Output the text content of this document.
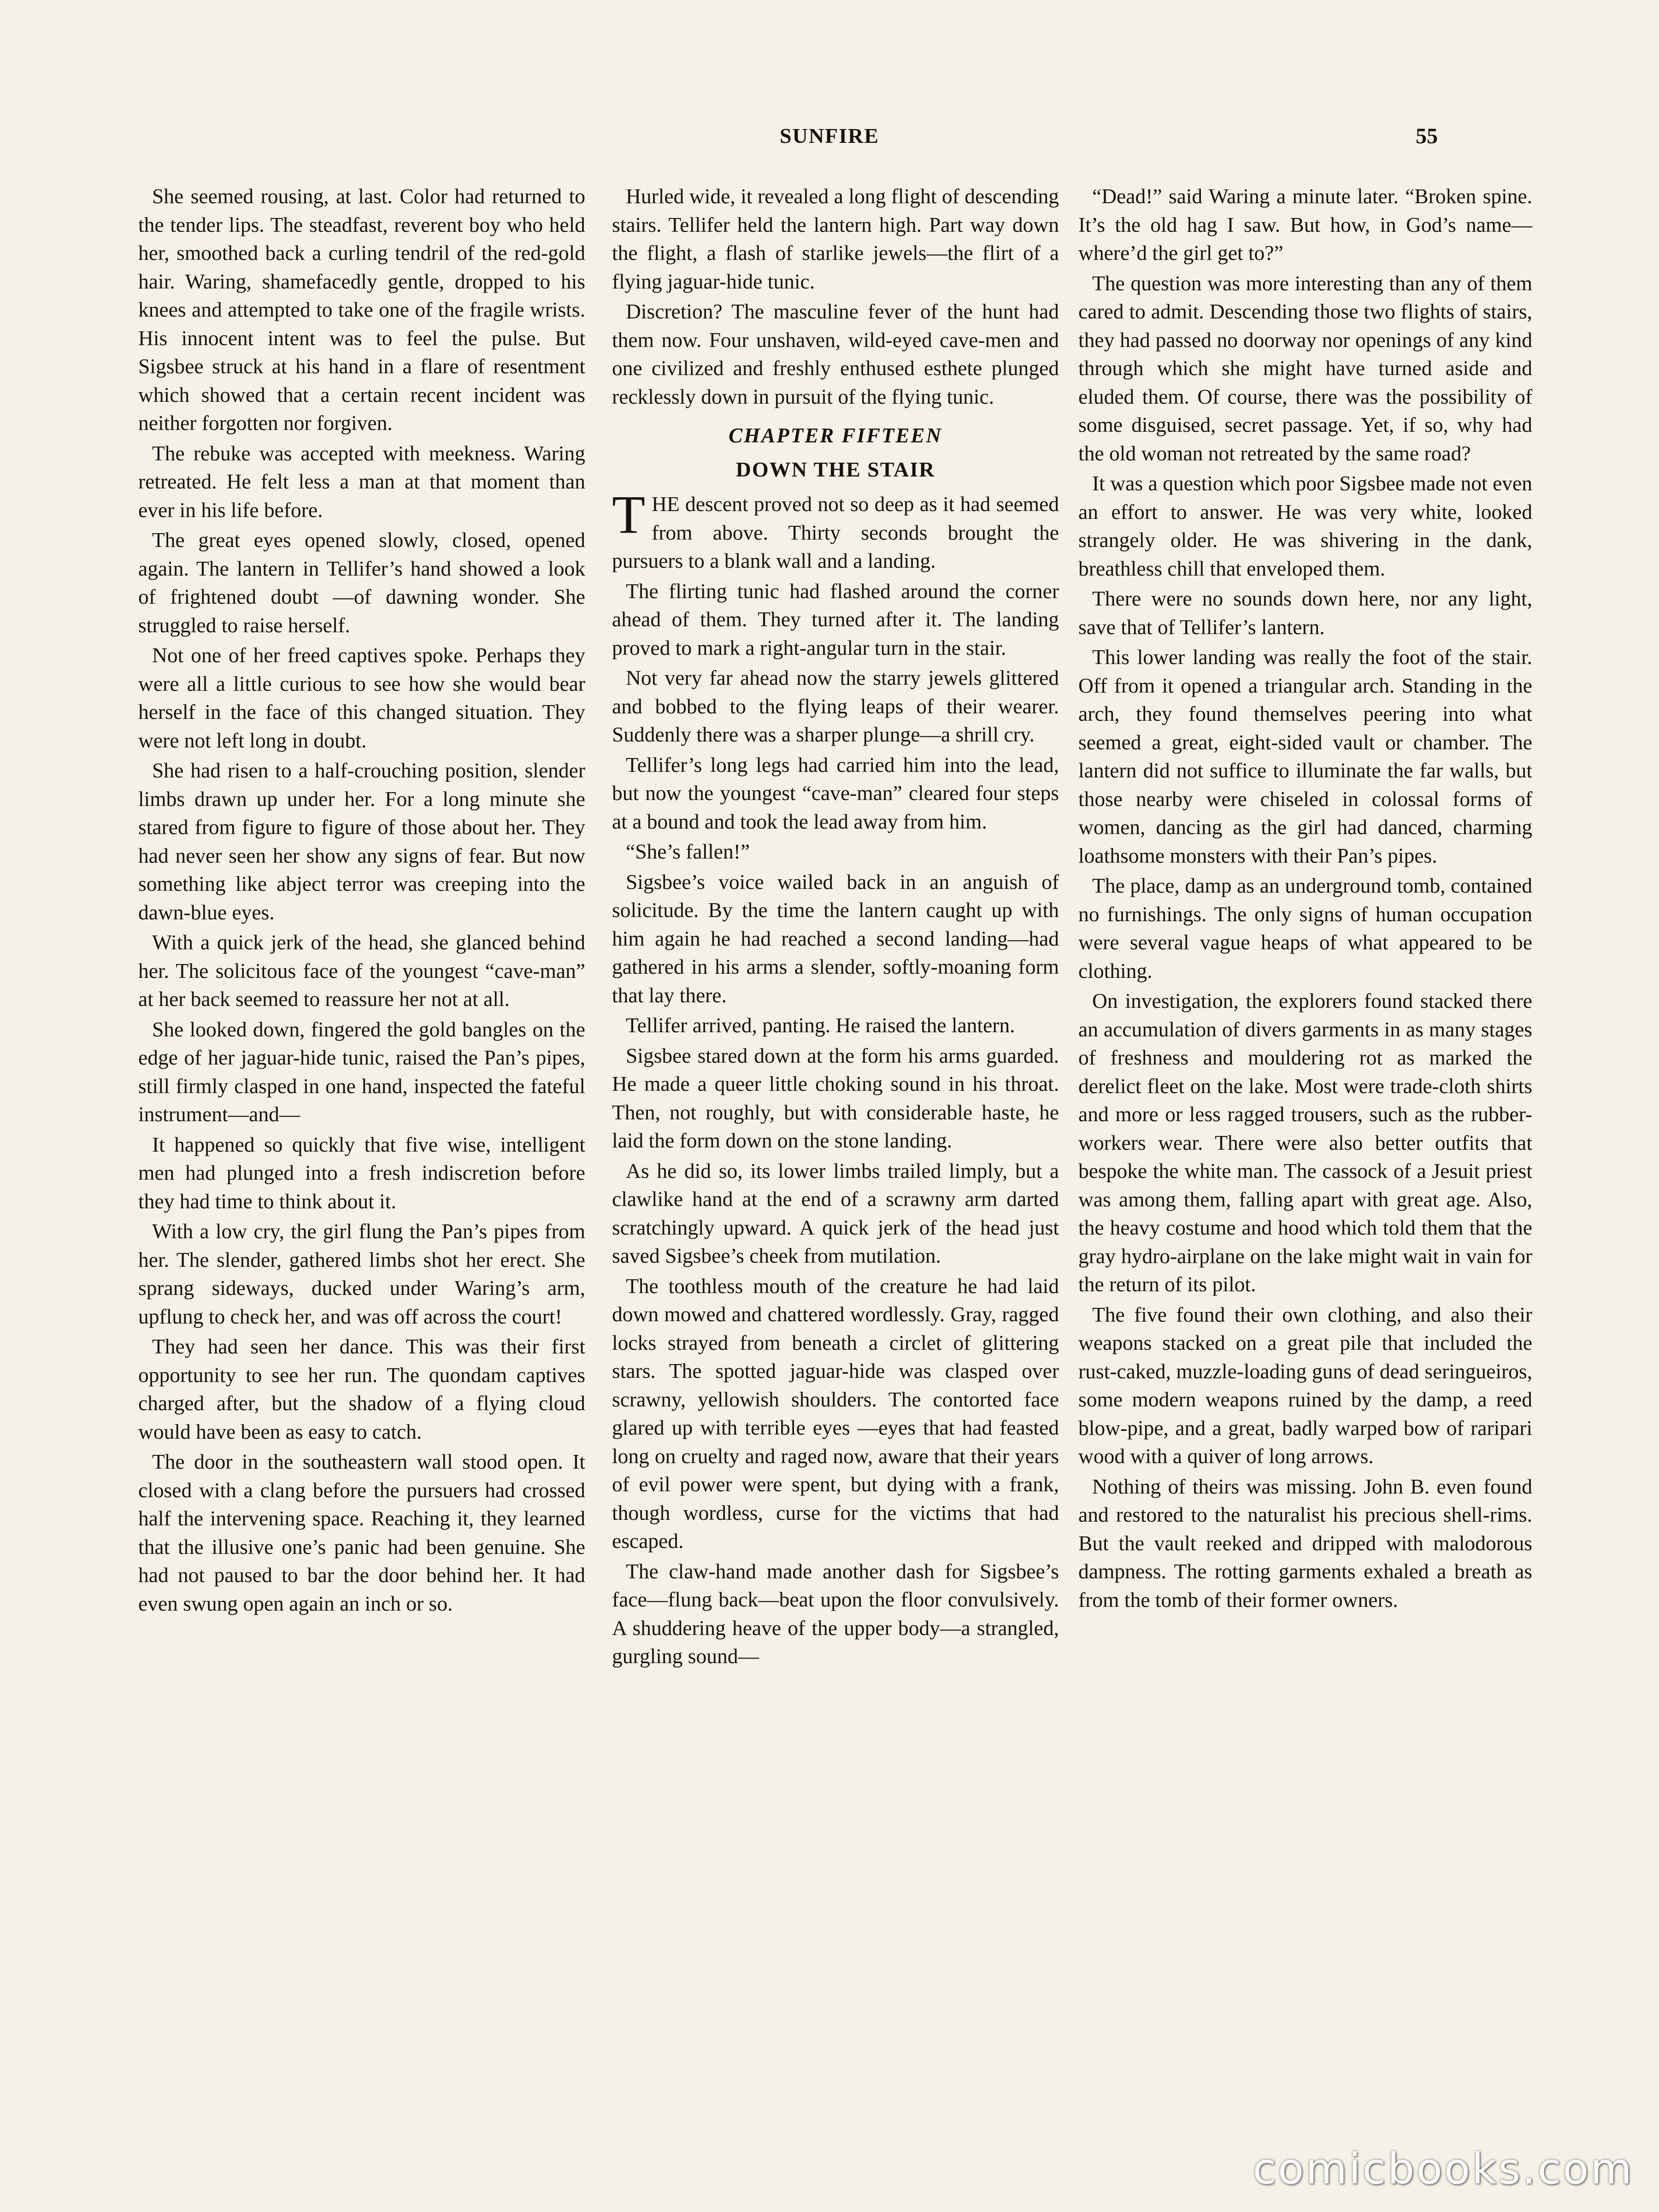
SUNFIRE	55

She seemed rousing, at last. Color had returned to the tender lips. The steadfast, reverent boy who held her, smoothed back a curling tendril of the red-gold hair. Waring, shamefacedly gentle, dropped to his knees and attempted to take one of the fragile wrists. His innocent intent was to feel the pulse. But Sigsbee struck at his hand in a flare of resentment which showed that a certain recent incident was neither forgotten nor forgiven.

The rebuke was accepted with meekness. Waring retreated. He felt less a man at that moment than ever in his life before.

The great eyes opened slowly, closed, opened again. The lantern in Tellifer’s hand showed a look of frightened doubt —of dawning wonder. She struggled to raise herself.

Not one of her freed captives spoke. Perhaps they were all a little curious to see how she would bear herself in the face of this changed situation. They were not left long in doubt.

She had risen to a half-crouching position, slender limbs drawn up under her. For a long minute she stared from figure to figure of those about her. They had never seen her show any signs of fear. But now something like abject terror was creeping into the dawn-blue eyes.

With a quick jerk of the head, she glanced behind her. The solicitous face of the youngest “cave-man” at her back seemed to reassure her not at all.

She looked down, fingered the gold bangles on the edge of her jaguar-hide tunic, raised the Pan’s pipes, still firmly clasped in one hand, inspected the fateful instrument—and—

It happened so quickly that five wise, intelligent men had plunged into a fresh indiscretion before they had time to think about it.

With a low cry, the girl flung the Pan’s pipes from her. The slender, gathered limbs shot her erect. She sprang sideways, ducked under Waring’s arm, upflung to check her, and was off across the court!

They had seen her dance. This was their first opportunity to see her run. The quondam captives charged after, but the shadow of a flying cloud would have been as easy to catch.

The door in the southeastern wall stood open. It closed with a clang before the pursuers had crossed half the intervening space. Reaching it, they learned that the illusive one’s panic had been genuine. She had not paused to bar the door behind her. It had even swung open again an inch or so.

Hurled wide, it revealed a long flight of descending stairs. Tellifer held the lantern high. Part way down the flight, a flash of starlike jewels—the flirt of a flying jaguar-hide tunic.

Discretion? The masculine fever of the hunt had them now. Four unshaven, wild-eyed cave-men and one civilized and freshly enthused esthete plunged recklessly down in pursuit of the flying tunic.

CHAPTER FIFTEEN
DOWN THE STAIR

THE descent proved not so deep as it had seemed from above. Thirty seconds brought the pursuers to a blank wall and a landing.

The flirting tunic had flashed around the corner ahead of them. They turned after it. The landing proved to mark a right-angular turn in the stair.

Not very far ahead now the starry jewels glittered and bobbed to the flying leaps of their wearer. Suddenly there was a sharper plunge—a shrill cry.

Tellifer’s long legs had carried him into the lead, but now the youngest “cave-man” cleared four steps at a bound and took the lead away from him.

“She’s fallen!”

Sigsbee’s voice wailed back in an anguish of solicitude. By the time the lantern caught up with him again he had reached a second landing—had gathered in his arms a slender, softly-moaning form that lay there.

Tellifer arrived, panting. He raised the lantern.

Sigsbee stared down at the form his arms guarded. He made a queer little choking sound in his throat. Then, not roughly, but with considerable haste, he laid the form down on the stone landing.

As he did so, its lower limbs trailed limply, but a clawlike hand at the end of a scrawny arm darted scratchingly upward. A quick jerk of the head just saved Sigsbee’s cheek from mutilation.

The toothless mouth of the creature he had laid down mowed and chattered wordlessly. Gray, ragged locks strayed from beneath a circlet of glittering stars. The spotted jaguar-hide was clasped over scrawny, yellowish shoulders. The contorted face glared up with terrible eyes —eyes that had feasted long on cruelty and raged now, aware that their years of evil power were spent, but dying with a frank, though wordless, curse for the victims that had escaped.

The claw-hand made another dash for Sigsbee’s face—flung back—beat upon the floor convulsively. A shuddering heave of the upper body—a strangled, gurgling sound—

“Dead!” said Waring a minute later. “Broken spine. It’s the old hag I saw. But how, in God’s name—where’d the girl get to?”

The question was more interesting than any of them cared to admit. Descending those two flights of stairs, they had passed no doorway nor openings of any kind through which she might have turned aside and eluded them. Of course, there was the possibility of some disguised, secret passage. Yet, if so, why had the old woman not retreated by the same road?

It was a question which poor Sigsbee made not even an effort to answer. He was very white, looked strangely older. He was shivering in the dank, breathless chill that enveloped them.

There were no sounds down here, nor any light, save that of Tellifer’s lantern.

This lower landing was really the foot of the stair. Off from it opened a triangular arch. Standing in the arch, they found themselves peering into what seemed a great, eight-sided vault or chamber. The lantern did not suffice to illuminate the far walls, but those nearby were chiseled in colossal forms of women, dancing as the girl had danced, charming loathsome monsters with their Pan’s pipes.

The place, damp as an underground tomb, contained no furnishings. The only signs of human occupation were several vague heaps of what appeared to be clothing.

On investigation, the explorers found stacked there an accumulation of divers garments in as many stages of freshness and mouldering rot as marked the derelict fleet on the lake. Most were trade-cloth shirts and more or less ragged trousers, such as the rubber-workers wear. There were also better outfits that bespoke the white man. The cassock of a Jesuit priest was among them, falling apart with great age. Also, the heavy costume and hood which told them that the gray hydro-airplane on the lake might wait in vain for the return of its pilot.

The five found their own clothing, and also their weapons stacked on a great pile that included the rust-caked, muzzle-loading guns of dead seringueiros, some modern weapons ruined by the damp, a reed blow-pipe, and a great, badly warped bow of raripari wood with a quiver of long arrows.

Nothing of theirs was missing. John B. even found and restored to the naturalist his precious shell-rims. But the vault reeked and dripped with malodorous dampness. The rotting garments exhaled a breath as from the tomb of their former owners.

comicbooks.com
